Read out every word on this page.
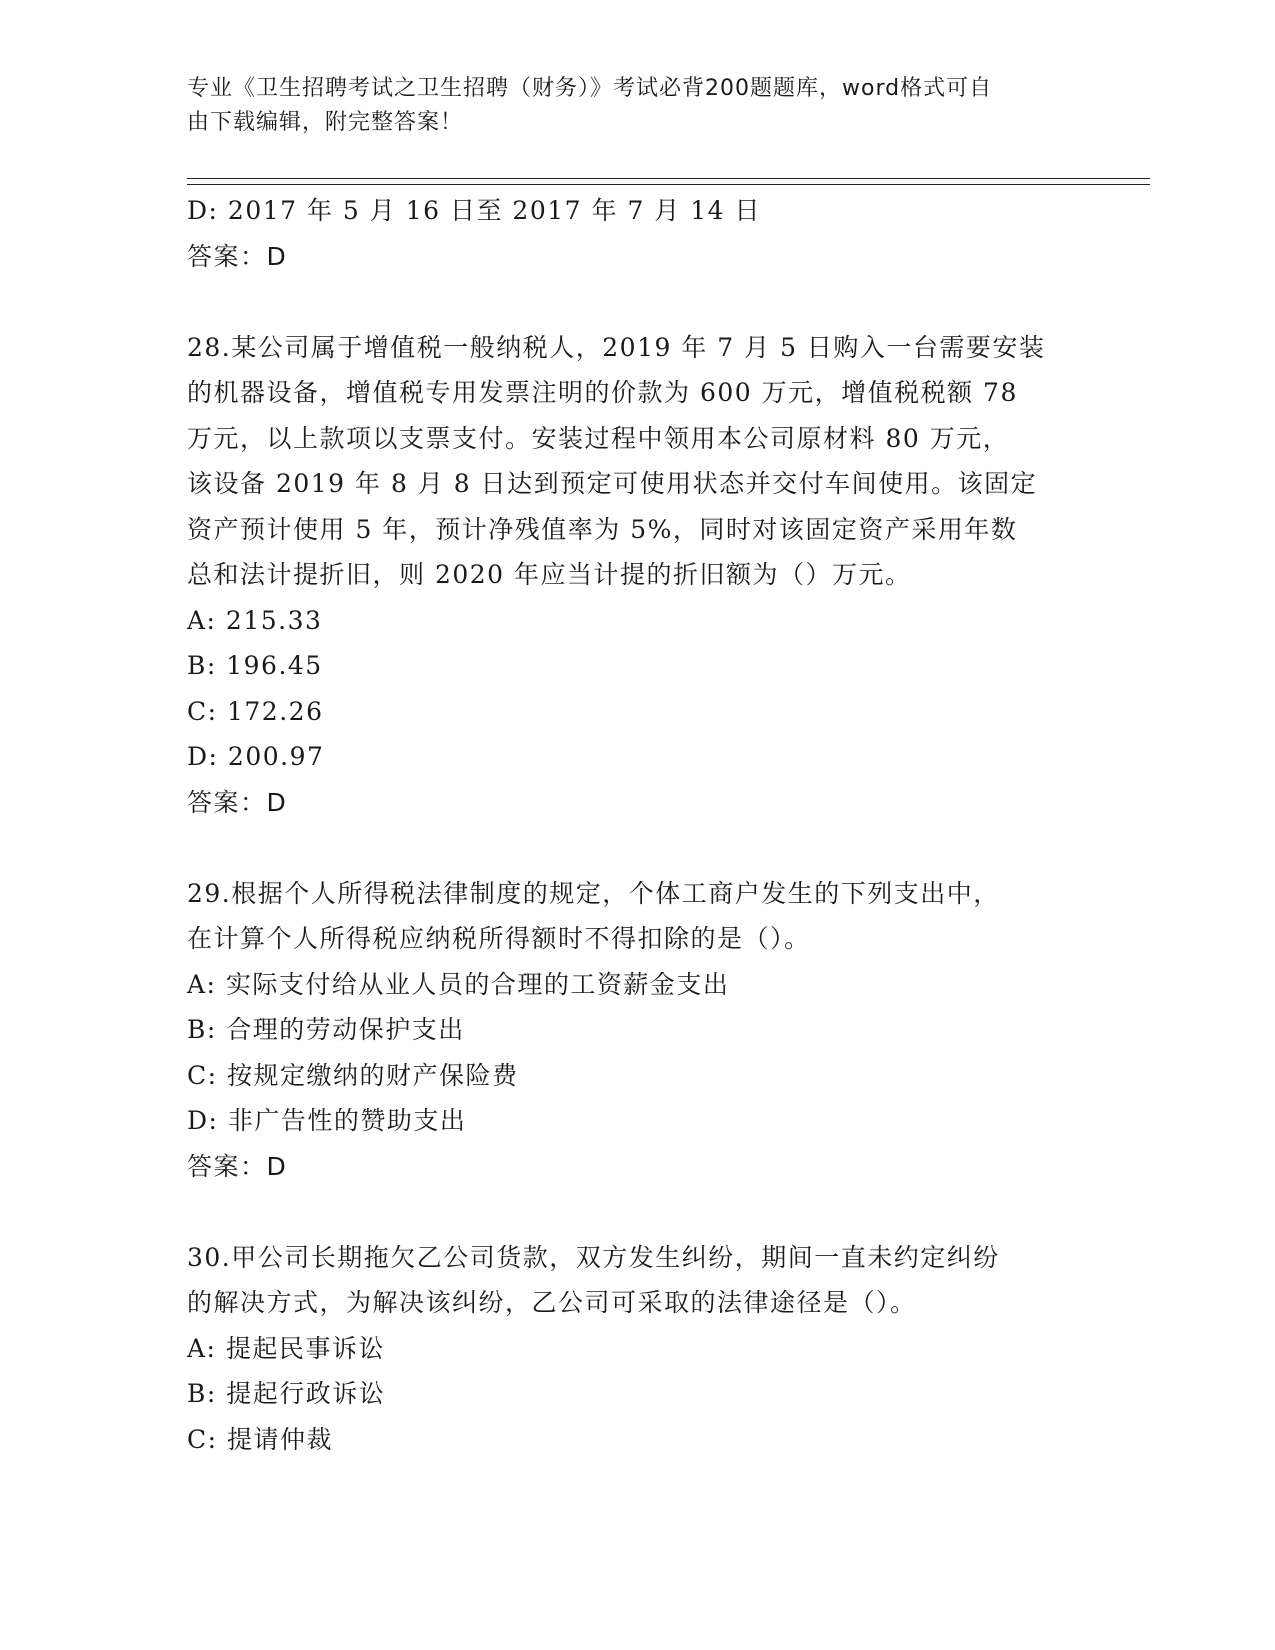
专业《卫生招聘考试之卫生招聘（财务）》考试必背200题题库，word格式可自
由下载编辑，附完整答案！
D: 2017 年 5 月 16 日至 2017 年 7 月 14 日
答案：D
28.某公司属于增值税一般纳税人，2019 年 7 月 5 日购入一台需要安装
的机器设备，增值税专用发票注明的价款为 600 万元，增值税税额 78
万元，以上款项以支票支付。安装过程中领用本公司原材料 80 万元，
该设备 2019 年 8 月 8 日达到预定可使用状态并交付车间使用。该固定
资产预计使用 5 年，预计净残值率为 5%，同时对该固定资产采用年数
总和法计提折旧，则 2020 年应当计提的折旧额为（）万元。
A: 215.33
B: 196.45
C: 172.26
D: 200.97
答案：D
29.根据个人所得税法律制度的规定，个体工商户发生的下列支出中，
在计算个人所得税应纳税所得额时不得扣除的是（）。
A: 实际支付给从业人员的合理的工资薪金支出
B: 合理的劳动保护支出
C: 按规定缴纳的财产保险费
D: 非广告性的赞助支出
答案：D
30.甲公司长期拖欠乙公司货款，双方发生纠纷，期间一直未约定纠纷
的解决方式，为解决该纠纷，乙公司可采取的法律途径是（）。
A: 提起民事诉讼
B: 提起行政诉讼
C: 提请仲裁
